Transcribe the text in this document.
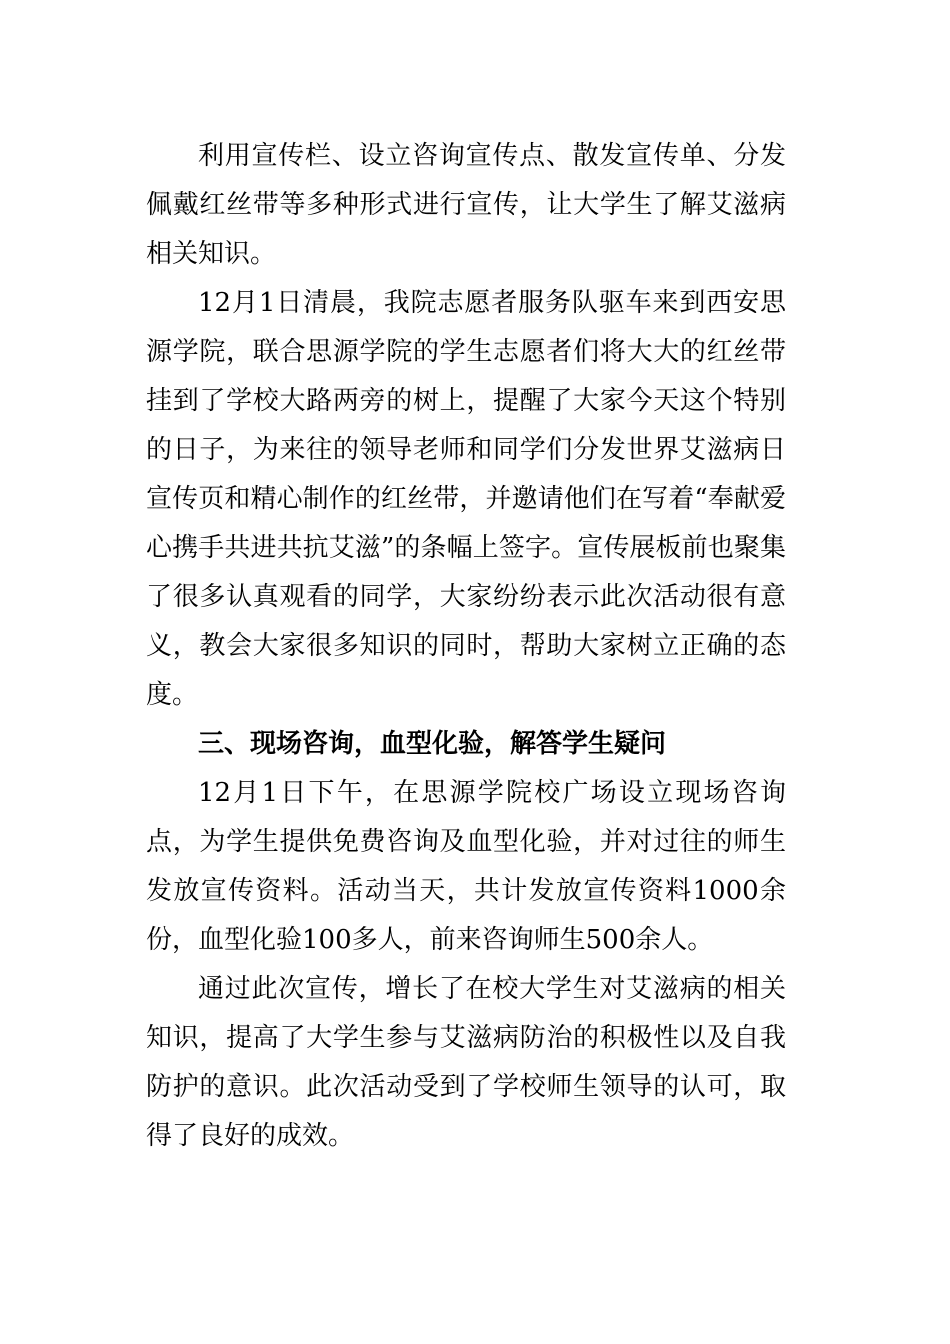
利用宣传栏、设立咨询宣传点、散发宣传单、分发佩戴红丝带等多种形式进行宣传，让大学生了解艾滋病相关知识。

12月1日清晨，我院志愿者服务队驱车来到西安思源学院，联合思源学院的学生志愿者们将大大的红丝带挂到了学校大路两旁的树上，提醒了大家今天这个特别的日子，为来往的领导老师和同学们分发世界艾滋病日宣传页和精心制作的红丝带，并邀请他们在写着“奉献爱心携手共进共抗艾滋”的条幅上签字。宣传展板前也聚集了很多认真观看的同学，大家纷纷表示此次活动很有意义，教会大家很多知识的同时，帮助大家树立正确的态度。

三、现场咨询，血型化验，解答学生疑问

12月1日下午，在思源学院校广场设立现场咨询点，为学生提供免费咨询及血型化验，并对过往的师生发放宣传资料。活动当天，共计发放宣传资料1000余份，血型化验100多人，前来咨询师生500余人。

通过此次宣传，增长了在校大学生对艾滋病的相关知识，提高了大学生参与艾滋病防治的积极性以及自我防护的意识。此次活动受到了学校师生领导的认可，取得了良好的成效。
